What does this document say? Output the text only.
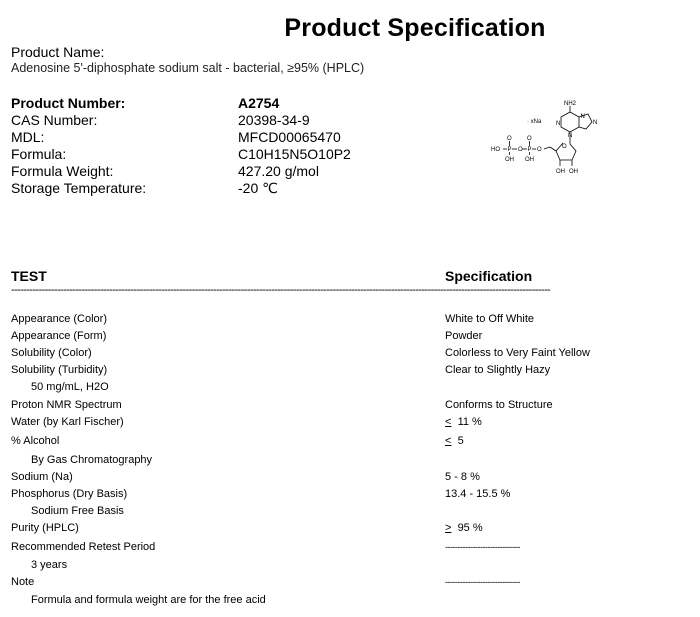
Product Specification
Product Name:
Adenosine 5'-diphosphate sodium salt - bacterial, ≥95% (HPLC)
Product Number:	A2754
CAS Number:	20398-34-9
MDL:	MFCD00065470
Formula:	C10H15N5O10P2
Formula Weight:	427.20 g/mol
Storage Temperature:	-20 ℃
NH2
· xNa
O	O
HO P O P O
OH OH
OH OH
N
N
N
N
O
TEST	Specification
--------------------------------------------------------------------------------------------------------------------------------------------------------------------------------
Appearance (Color)	White to Off White
Appearance (Form)	Powder
Solubility (Color)	Colorless to Very Faint Yellow
Solubility (Turbidity)	Clear to Slightly Hazy
50 mg/mL, H2O
Proton NMR Spectrum	Conforms to Structure
Water (by Karl Fischer)	≤ 11 %
% Alcohol	≤ 5
By Gas Chromatography
Sodium (Na)	5 - 8 %
Phosphorus (Dry Basis)	13.4 - 15.5 %
Sodium Free Basis
Purity (HPLC)	≥ 95 %
Recommended Retest Period	------------------------------
3 years
Note	------------------------------
Formula and formula weight are for the free acid
